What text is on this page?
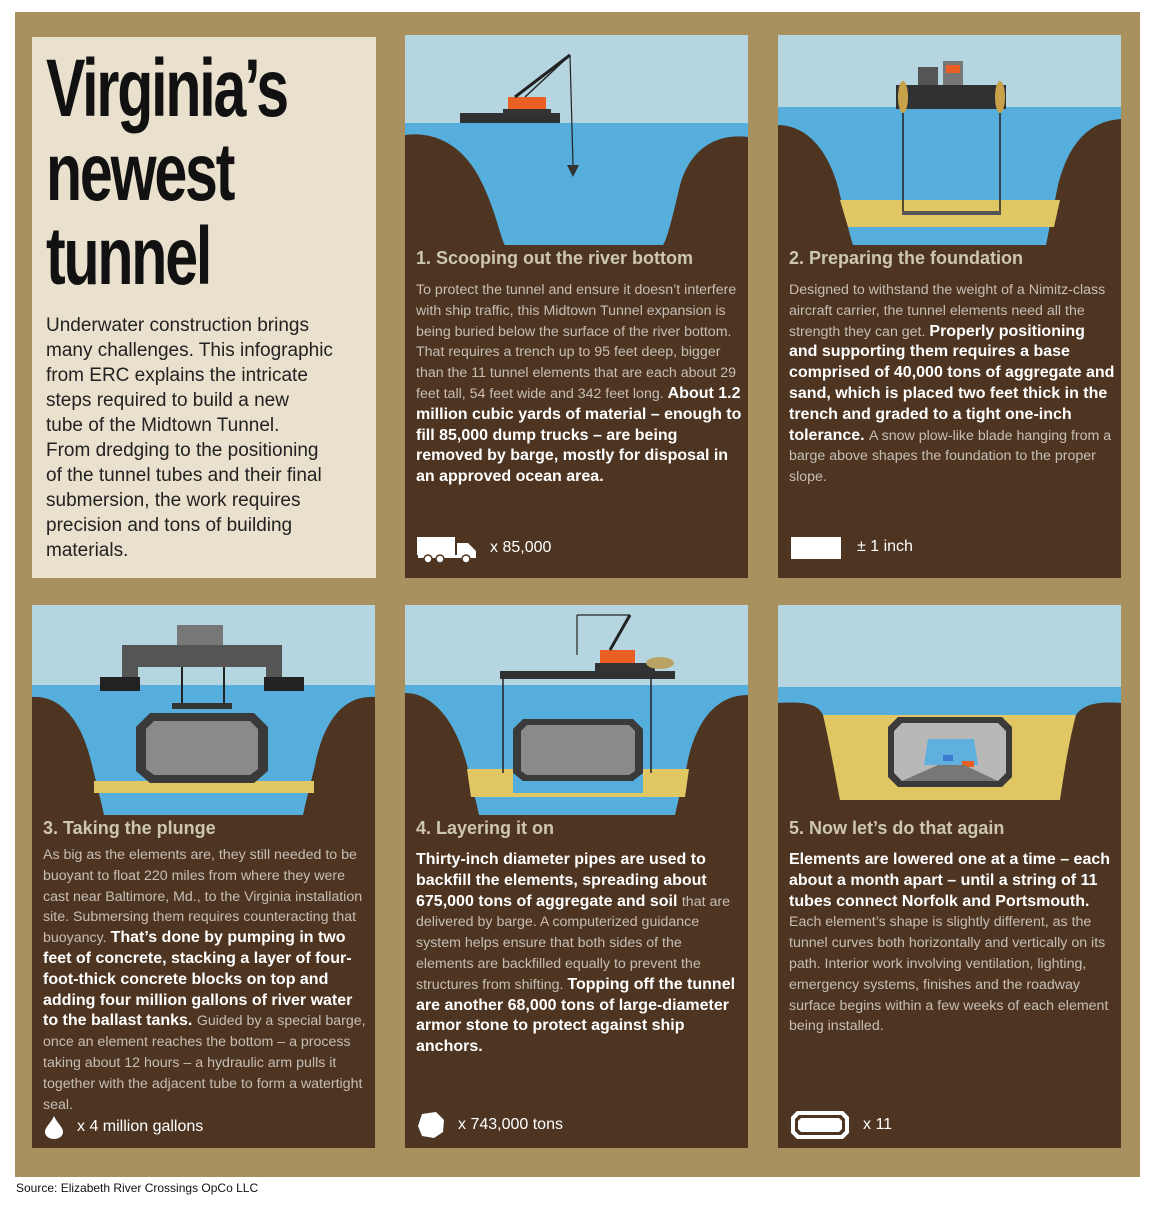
Virginia’s
newest
tunnel

Underwater construction brings
many challenges. This infographic
from ERC explains the intricate
steps required to build a new
tube of the Midtown Tunnel.
From dredging to the positioning
of the tunnel tubes and their final
submersion, the work requires
precision and tons of building
materials.

1. Scooping out the river bottom
To protect the tunnel and ensure it doesn’t interfere with ship traffic, this Midtown Tunnel expansion is being buried below the surface of the river bottom. That requires a trench up to 95 feet deep, bigger than the 11 tunnel elements that are each about 29 feet tall, 54 feet wide and 342 feet long. About 1.2 million cubic yards of material – enough to fill 85,000 dump trucks – are being removed by barge, mostly for disposal in an approved ocean area.
x 85,000
2. Preparing the foundation
Designed to withstand the weight of a Nimitz-class aircraft carrier, the tunnel elements need all the strength they can get. Properly positioning and supporting them requires a base comprised of 40,000 tons of aggregate and sand, which is placed two feet thick in the trench and graded to a tight one-inch tolerance. A snow plow-like blade hanging from a barge above shapes the foundation to the proper slope.
± 1 inch
3. Taking the plunge
As big as the elements are, they still needed to be buoyant to float 220 miles from where they were cast near Baltimore, Md., to the Virginia installation site. Submersing them requires counteracting that buoyancy. That’s done by pumping in two feet of concrete, stacking a layer of four-foot-thick concrete blocks on top and adding four million gallons of river water to the ballast tanks. Guided by a special barge, once an element reaches the bottom – a process taking about 12 hours – a hydraulic arm pulls it together with the adjacent tube to form a watertight seal.
x 4 million gallons
4. Layering it on
Thirty-inch diameter pipes are used to backfill the elements, spreading about 675,000 tons of aggregate and soil that are delivered by barge. A computerized guidance system helps ensure that both sides of the elements are backfilled equally to prevent the structures from shifting. Topping off the tunnel are another 68,000 tons of large-diameter armor stone to protect against ship anchors.
x 743,000 tons
5. Now let’s do that again
Elements are lowered one at a time – each about a month apart – until a string of 11 tubes connect Norfolk and Portsmouth. Each element’s shape is slightly different, as the tunnel curves both horizontally and vertically on its path. Interior work involving ventilation, lighting, emergency systems, finishes and the roadway surface begins within a few weeks of each element being installed.
x 11
Source: Elizabeth River Crossings OpCo LLC
